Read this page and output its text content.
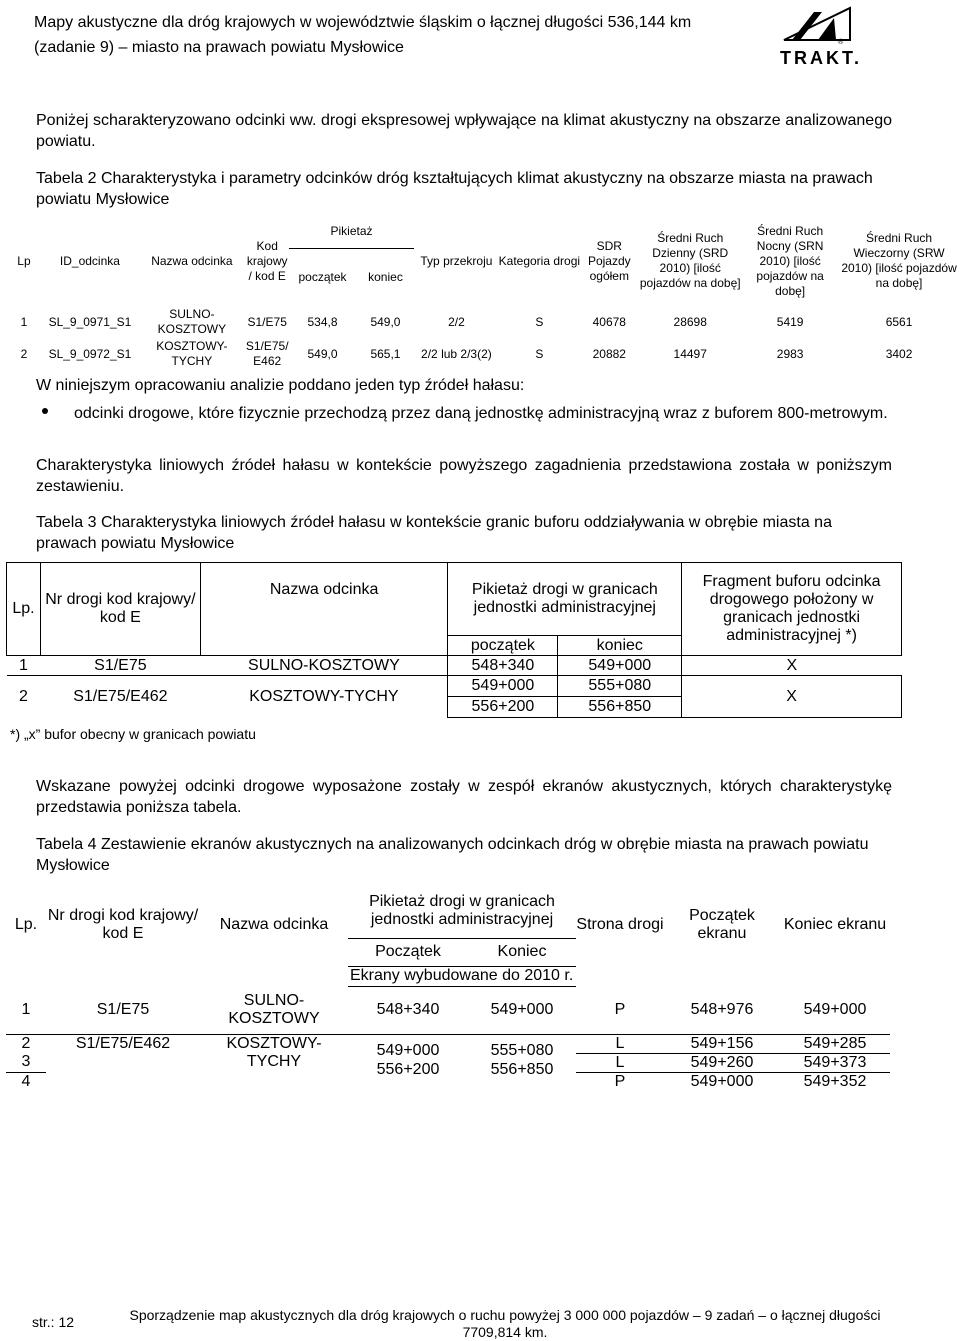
Mapy akustyczne dla dróg krajowych w województwie śląskim o łącznej długości 536,144 km
(zadanie 9) – miasto na prawach powiatu Mysłowice	®
TRAKT.
Poniżej scharakteryzowano odcinki ww. drogi ekspresowej wpływające na klimat akustyczny na obszarze analizowanego powiatu.
Tabela 2 Charakterystyka i parametry odcinków dróg kształtujących klimat akustyczny na obszarze miasta na prawach powiatu Mysłowice
Lp	ID_odcinka	Nazwa odcinka	Kod krajowy / kod E	Pikietaż		Typ przekroju	Kategoria drogi	SDR Pojazdy ogółem	Średni Ruch Dzienny (SRD 2010) [ilość pojazdów na dobę]	Średni Ruch Nocny (SRN 2010) [ilość pojazdów na dobę]	Średni Ruch Wieczorny (SRW 2010) [ilość pojazdów na dobę]
				początek	koniec						
1	SL_9_0971_S1	SULNO-KOSZTOWY	S1/E75	534,8	549,0	2/2	S	40678	28698	5419	6561
2	SL_9_0972_S1	KOSZTOWY-TYCHY	S1/E75/ E462	549,0	565,1	2/2 lub 2/3(2)	S	20882	14497	2983	3402
W niniejszym opracowaniu analizie poddano jeden typ źródeł hałasu:
odcinki drogowe, które fizycznie przechodzą przez daną jednostkę administracyjną wraz z buforem 800-metrowym.
Charakterystyka liniowych źródeł hałasu w kontekście powyższego zagadnienia przedstawiona została w poniższym zestawieniu.
Tabela 3 Charakterystyka liniowych źródeł hałasu w kontekście granic buforu oddziaływania w obrębie miasta na prawach powiatu Mysłowice
Lp.	Nr drogi kod krajowy/ kod E	Nazwa odcinka	Pikietaż drogi w granicach jednostki administracyjnej		Fragment buforu odcinka drogowego położony w granicach jednostki administracyjnej *)
			początek	koniec	
1	S1/E75	SULNO-KOSZTOWY	548+340	549+000	X
2	S1/E75/E462	KOSZTOWY-TYCHY	549+000	555+080	X
			556+200	556+850	
*) „x” bufor obecny w granicach powiatu
Wskazane powyżej odcinki drogowe wyposażone zostały w zespół ekranów akustycznych, których charakterystykę przedstawia poniższa tabela.
Tabela 4 Zestawienie ekranów akustycznych na analizowanych odcinkach dróg w obrębie miasta na prawach powiatu Mysłowice
Lp.	Nr drogi kod krajowy/ kod E	Nazwa odcinka	Pikietaż drogi w granicach jednostki administracyjnej		Strona drogi	Początek ekranu	Koniec ekranu
			Początek	Koniec			
			Ekrany wybudowane do 2010 r.				
1	S1/E75	SULNO-KOSZTOWY	548+340	549+000	P	548+976	549+000
2	S1/E75/E462	KOSZTOWY-TYCHY	549+000 556+200	555+080 556+850	L	549+156	549+285
3					L	549+260	549+373
4					P	549+000	549+352
str.: 12	Sporządzenie map akustycznych dla dróg krajowych o ruchu powyżej 3 000 000 pojazdów – 9 zadań – o łącznej długości 7709,814 km.
